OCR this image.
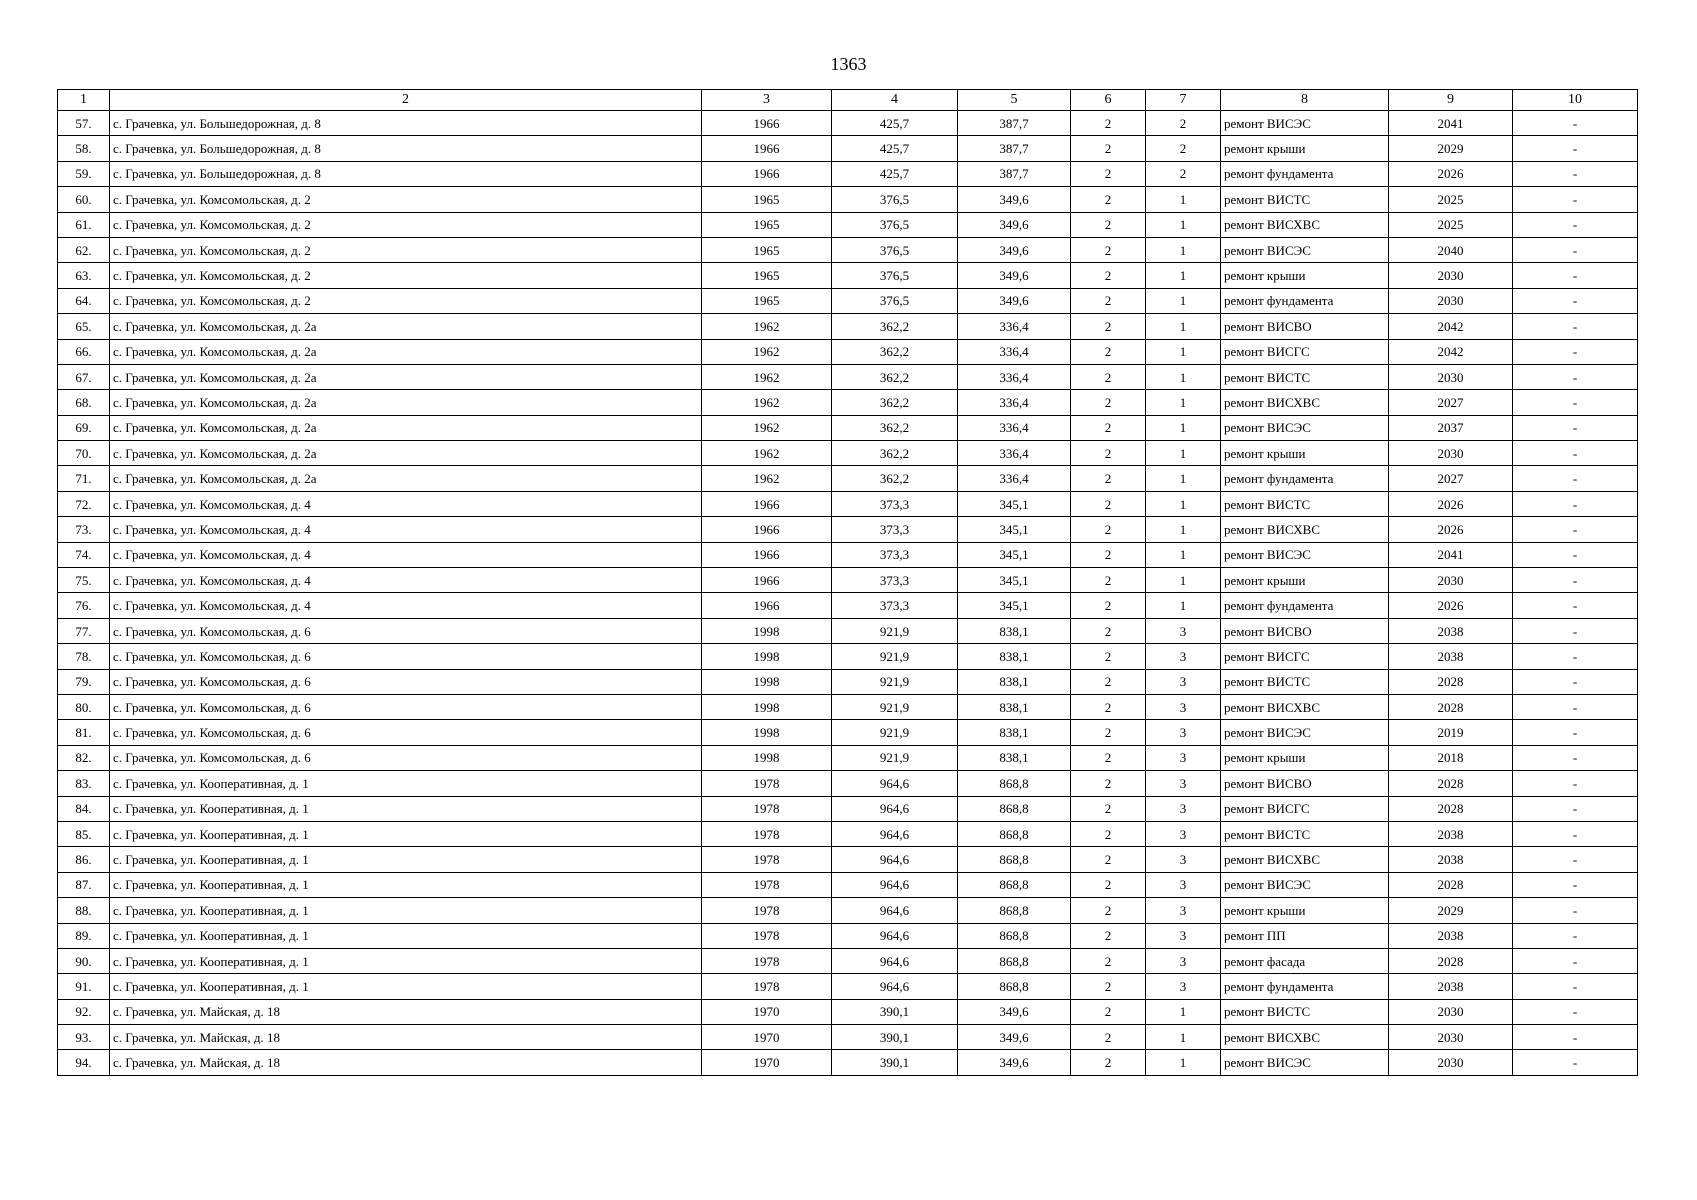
1363
1	2	3	4	5	6	7	8	9	10
57.	с. Грачевка, ул. Большедорожная, д. 8	1966	425,7	387,7	2	2	ремонт ВИСЭС	2041	-
58.	с. Грачевка, ул. Большедорожная, д. 8	1966	425,7	387,7	2	2	ремонт крыши	2029	-
59.	с. Грачевка, ул. Большедорожная, д. 8	1966	425,7	387,7	2	2	ремонт фундамента	2026	-
60.	с. Грачевка, ул. Комсомольская, д. 2	1965	376,5	349,6	2	1	ремонт ВИСТС	2025	-
61.	с. Грачевка, ул. Комсомольская, д. 2	1965	376,5	349,6	2	1	ремонт ВИСХВС	2025	-
62.	с. Грачевка, ул. Комсомольская, д. 2	1965	376,5	349,6	2	1	ремонт ВИСЭС	2040	-
63.	с. Грачевка, ул. Комсомольская, д. 2	1965	376,5	349,6	2	1	ремонт крыши	2030	-
64.	с. Грачевка, ул. Комсомольская, д. 2	1965	376,5	349,6	2	1	ремонт фундамента	2030	-
65.	с. Грачевка, ул. Комсомольская, д. 2а	1962	362,2	336,4	2	1	ремонт ВИСВО	2042	-
66.	с. Грачевка, ул. Комсомольская, д. 2а	1962	362,2	336,4	2	1	ремонт ВИСГС	2042	-
67.	с. Грачевка, ул. Комсомольская, д. 2а	1962	362,2	336,4	2	1	ремонт ВИСТС	2030	-
68.	с. Грачевка, ул. Комсомольская, д. 2а	1962	362,2	336,4	2	1	ремонт ВИСХВС	2027	-
69.	с. Грачевка, ул. Комсомольская, д. 2а	1962	362,2	336,4	2	1	ремонт ВИСЭС	2037	-
70.	с. Грачевка, ул. Комсомольская, д. 2а	1962	362,2	336,4	2	1	ремонт крыши	2030	-
71.	с. Грачевка, ул. Комсомольская, д. 2а	1962	362,2	336,4	2	1	ремонт фундамента	2027	-
72.	с. Грачевка, ул. Комсомольская, д. 4	1966	373,3	345,1	2	1	ремонт ВИСТС	2026	-
73.	с. Грачевка, ул. Комсомольская, д. 4	1966	373,3	345,1	2	1	ремонт ВИСХВС	2026	-
74.	с. Грачевка, ул. Комсомольская, д. 4	1966	373,3	345,1	2	1	ремонт ВИСЭС	2041	-
75.	с. Грачевка, ул. Комсомольская, д. 4	1966	373,3	345,1	2	1	ремонт крыши	2030	-
76.	с. Грачевка, ул. Комсомольская, д. 4	1966	373,3	345,1	2	1	ремонт фундамента	2026	-
77.	с. Грачевка, ул. Комсомольская, д. 6	1998	921,9	838,1	2	3	ремонт ВИСВО	2038	-
78.	с. Грачевка, ул. Комсомольская, д. 6	1998	921,9	838,1	2	3	ремонт ВИСГС	2038	-
79.	с. Грачевка, ул. Комсомольская, д. 6	1998	921,9	838,1	2	3	ремонт ВИСТС	2028	-
80.	с. Грачевка, ул. Комсомольская, д. 6	1998	921,9	838,1	2	3	ремонт ВИСХВС	2028	-
81.	с. Грачевка, ул. Комсомольская, д. 6	1998	921,9	838,1	2	3	ремонт ВИСЭС	2019	-
82.	с. Грачевка, ул. Комсомольская, д. 6	1998	921,9	838,1	2	3	ремонт крыши	2018	-
83.	с. Грачевка, ул. Кооперативная, д. 1	1978	964,6	868,8	2	3	ремонт ВИСВО	2028	-
84.	с. Грачевка, ул. Кооперативная, д. 1	1978	964,6	868,8	2	3	ремонт ВИСГС	2028	-
85.	с. Грачевка, ул. Кооперативная, д. 1	1978	964,6	868,8	2	3	ремонт ВИСТС	2038	-
86.	с. Грачевка, ул. Кооперативная, д. 1	1978	964,6	868,8	2	3	ремонт ВИСХВС	2038	-
87.	с. Грачевка, ул. Кооперативная, д. 1	1978	964,6	868,8	2	3	ремонт ВИСЭС	2028	-
88.	с. Грачевка, ул. Кооперативная, д. 1	1978	964,6	868,8	2	3	ремонт крыши	2029	-
89.	с. Грачевка, ул. Кооперативная, д. 1	1978	964,6	868,8	2	3	ремонт ПП	2038	-
90.	с. Грачевка, ул. Кооперативная, д. 1	1978	964,6	868,8	2	3	ремонт фасада	2028	-
91.	с. Грачевка, ул. Кооперативная, д. 1	1978	964,6	868,8	2	3	ремонт фундамента	2038	-
92.	с. Грачевка, ул. Майская, д. 18	1970	390,1	349,6	2	1	ремонт ВИСТС	2030	-
93.	с. Грачевка, ул. Майская, д. 18	1970	390,1	349,6	2	1	ремонт ВИСХВС	2030	-
94.	с. Грачевка, ул. Майская, д. 18	1970	390,1	349,6	2	1	ремонт ВИСЭС	2030	-
